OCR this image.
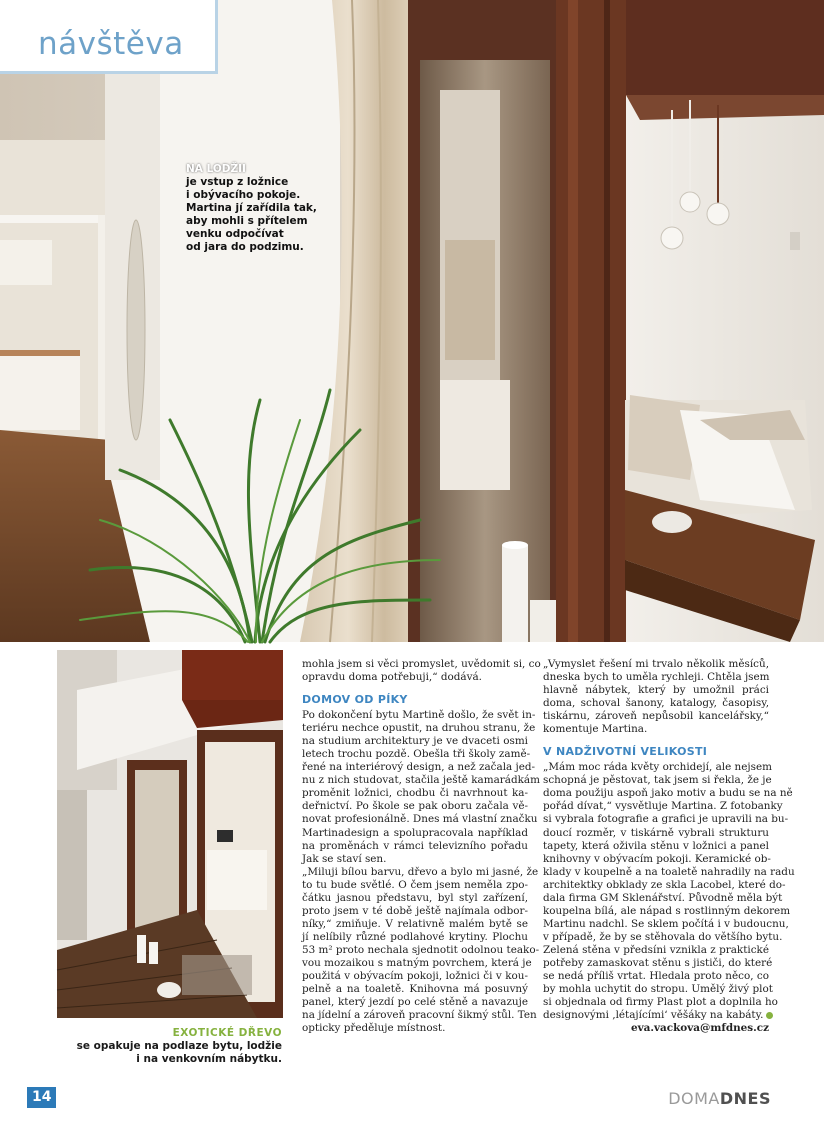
návštěva
NA LODŽII
je vstup z ložnice
i obývacího pokoje.
Martina jí zařídila tak,
aby mohli s přítelem
venku odpočívat
od jara do podzimu.
EXOTICKÉ DŘEVO
se opakuje na podlaze bytu, lodžie
i na venkovním nábytku.

mohla jsem si věci promyslet, uvědomit si, co

opravdu doma potřebuji,“ dodává.

DOMOV OD PÍKY

Po dokončení bytu Martině došlo, že svět in-

teriéru nechce opustit, na druhou stranu, že

na studium architektury je ve dvaceti osmi

letech trochu pozdě. Obešla tři školy zamě-

řené na interiérový design, a než začala jed-

nu z nich studovat, stačila ještě kamarádkám

proměnit ložnici, chodbu či navrhnout ka-

deřnictví. Po škole se pak oboru začala vě-

novat profesionálně. Dnes má vlastní značku

Martinadesign a spolupracovala například

na proměnách v rámci televizního pořadu

Jak se staví sen.

„Miluji bílou barvu, dřevo a bylo mi jasné, že

to tu bude světlé. O čem jsem neměla zpo-

čátku jasnou představu, byl styl zařízení,

proto jsem v té době ještě najímala odbor-

níky,“ zmiňuje. V relativně malém bytě se

jí nelíbily různé podlahové krytiny. Plochu

53 m² proto nechala sjednotit odolnou teako-

vou mozaikou s matným povrchem, která je

použitá v obývacím pokoji, ložnici či v kou-

pelně a na toaletě. Knihovna má posuvný

panel, který jezdí po celé stěně a navazuje

na jídelní a zároveň pracovní šikmý stůl. Ten

opticky předěluje místnost.

„Vymyslet řešení mi trvalo několik měsíců,

dneska bych to uměla rychleji. Chtěla jsem

hlavně nábytek, který by umožnil práci

doma, schoval šanony, katalogy, časopisy,

tiskárnu, zároveň nepůsobil kancelářsky,“

komentuje Martina.

V NADŽIVOTNÍ VELIKOSTI

„Mám moc ráda květy orchidejí, ale nejsem

schopná je pěstovat, tak jsem si řekla, že je

doma použiju aspoň jako motiv a budu se na ně

pořád dívat,“ vysvětluje Martina. Z fotobanky

si vybrala fotografie a grafici je upravili na bu-

doucí rozměr, v tiskárně vybrali strukturu

tapety, která oživila stěnu v ložnici a panel

knihovny v obývacím pokoji. Keramické ob-

klady v koupelně a na toaletě nahradily na radu

architektky obklady ze skla Lacobel, které do-

dala firma GM Sklenářství. Původně měla být

koupelna bílá, ale nápad s rostlinným dekorem

Martinu nadchl. Se sklem počítá i v budoucnu,

v případě, že by se stěhovala do většího bytu.

Zelená stěna v předsíni vznikla z praktické

potřeby zamaskovat stěnu s jističi, do které

se nedá příliš vrtat. Hledala proto něco, co

by mohla uchytit do stropu. Umělý živý plot

si objednala od firmy Plast plot a doplnila ho

designovými ‚létajícími‘ věšáky na kabáty.

eva.vackova@mfdnes.cz

14	DOMADNES
